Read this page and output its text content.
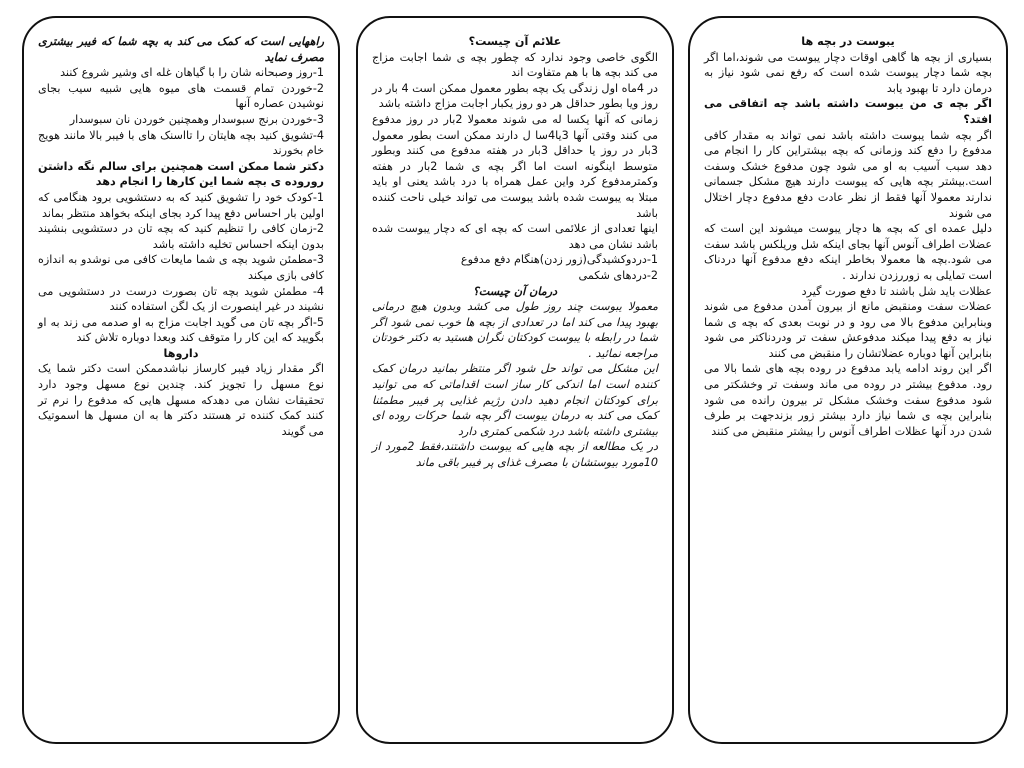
راههایی است که کمک می کند به بچه شما که فیبر بیشتری مصرف نماید

1-روز وصبحانه شان را با گیاهان غله ای وشیر شروع کنند

2-خوردن تمام قسمت های میوه هایی شبیه سیب بجای نوشیدن عصاره آنها

3-خوردن برنج سبوسدار وهمچنین خوردن نان سبوسدار

4-تشویق کنید بچه هایتان را تااسنک های با فیبر بالا مانند هویج خام بخورند

دکتر شما ممکن است همچنین برای سالم نگه داشتن روروده ی بچه شما این کارها را انجام دهد

1-کودک خود را تشویق کنید که به دستشویی برود هنگامی که اولین بار احساس دفع پیدا کرد بجای اینکه بخواهد منتظر بماند

2-زمان کافی را تنظیم کنید که بچه تان در دستشویی بنشیند بدون اینکه احساس تخلیه داشته باشد

3-مطمئن شوید بچه ی شما مایعات کافی می نوشدو به اندازه کافی بازی میکند

4- مطمئن شوید بچه تان بصورت درست در دستشویی می نشیند در غیر اینصورت از یک لگن استفاده کنند

5-اگر بچه تان می گوید اجابت مزاج به او صدمه می زند به او بگویید که این کار را متوقف کند وبعدا دوباره تلاش کند

داروها

اگر مقدار زیاد فیبر کارساز نباشدممکن است دکتر شما یک نوع مسهل را تجویز کند. چندین نوع مسهل وجود دارد تحقیقات نشان می دهدکه مسهل هایی که مدفوع را نرم تر کنند کمک کننده تر هستند دکتر ها به ان مسهل ها اسموتیک می گویند

علائم آن چیست؟

الگوی خاصی وجود ندارد که چطور بچه ی شما اجابت مزاج می کند بچه ها با هم متفاوت اند

در 4ماه اول زندگی یک بچه بطور معمول ممکن است 4 بار در روز ویا بطور حداقل هر دو روز یکبار اجابت مزاج داشته باشد

زمانی که آنها یکسا له می شوند معمولا 2بار در روز مدفوع می کنند وقتی آنها 3یا4سا ل دارند ممکن است بطور معمول 3بار در روز یا حداقل 3بار در هفته مدفوع می کنند وبطور متوسط اینگونه است اما اگر بچه ی شما 2بار در هفته وکمترمدفوع کرد واین عمل همراه با درد باشد یعنی او باید مبتلا به یبوست شده باشد یبوست می تواند خیلی ناحت کننده باشد

اینها تعدادی از علائمی است که بچه ای که دچار یبوست شده باشد نشان می دهد

1-دردوکشیدگی(زور زدن)هنگام دفع مدفوع

2-دردهای شکمی

درمان آن چیست؟

معمولا یبوست چند روز طول می کشد وبدون هیچ درمانی بهبود پیدا می کند اما در تعدادی از بچه ها خوب نمی شود اگر شما در رابطه با یبوست کودکتان نگران هستید به دکتر خودتان مراجعه نمائید .

این مشکل می تواند حل شود اگر منتظر بمانید درمان کمک کننده است اما اندکی کار ساز است اقداماتی که می توانید برای کودکتان انجام دهید دادن رژیم غذایی پر فیبر مطمئنا کمک می کند به درمان یبوست اگر بچه شما حرکات روده ای بیشتری داشته باشد درد شکمی کمتری دارد

در یک مطالعه از بچه هایی که یبوست داشتند،فقط 2مورد از 10مورد بیوستشان با مصرف غذای پر فیبر باقی ماند

یبوست در بچه ها

بسیاری از بچه ها گاهی اوقات دچار یبوست می شوند،اما اگر بچه شما دچار یبوست شده است که رفع نمی شود نیاز به درمان دارد تا بهبود یابد

اگر بچه ی من یبوست داشته باشد چه اتفاقی می افتد؟

اگر بچه شما یبوست داشته باشد نمی تواند به مقدار کافی مدفوع را دفع کند وزمانی که بچه بیشتراین کار را انجام می دهد سبب آسیب به او می شود چون مدفوع خشک وسفت است.بیشتر بچه هایی که یبوست دارند هیچ مشکل جسمانی ندارند معمولا آنها فقط از نظر عادت دفع مدفوع دچار اختلال می شوند

دلیل عمده ای که بچه ها دچار یبوست میشوند این است که عضلات اطراف آنوس آنها بجای اینکه شل وریلکس باشد سفت می شود.بچه ها معمولا بخاطر اینکه دفع مدفوع آنها دردناک است تمایلی به زوررزدن ندارند .

عظلات باید شل باشند تا دفع صورت گیرد

عضلات سفت ومنقبض مانع از بیرون آمدن مدفوع می شوند وبنابراین مدفوع بالا می رود و در نوبت بعدی که بچه ی شما نیاز به دفع پیدا میکند مدفوعش سفت تر ودردناکتر می شود بنابراین آنها دوباره عضلاتشان را منقبض می کنند

اگر این روند ادامه یابد مدفوع در روده بچه های شما بالا می رود. مدفوع بیشتر در روده می ماند وسفت تر وخشکتر می شود مدفوع سفت وخشک مشکل تر بیرون رانده می شود بنابراین بچه ی شما نیاز دارد بیشتر زور بزندجهت بر طرف شدن درد آنها عظلات اطراف آنوس را بیشتر منقبض می کنند
